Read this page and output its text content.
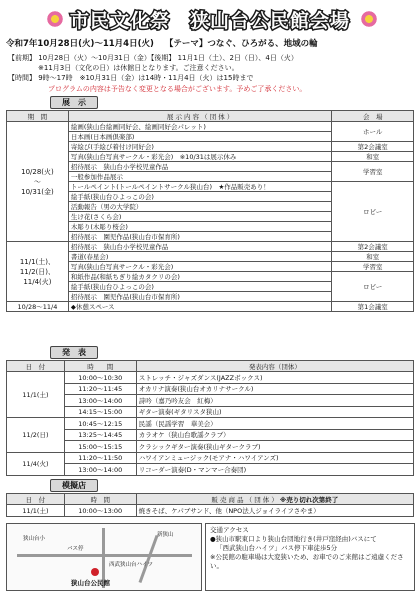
市民文化祭　狭山台公民館会場
令和7年10月28日(火)～11月4日(火) 【テーマ】つなぐ、ひろがる、地域の輪
【前期】 10月28日（火）～10月31日（金）【後期】 11月1日（土）、2日（日）、4日（火）
※11月3日（文化の日）は休館日となります。ご注意ください。
【時間】 9時～17時　※10月31日（金）は14時・11月4日（火）は15時まで
プログラムの内容は予告なく変更となる場合がございます。予めご了承ください。
展　示
期　間	展 示 内 容 （ 団 体 ）	会　場
10/28(火)
～
10/31(金)	絵画(狭山台絵画同好会、絵画同好会パレット)	ホール
	日本画(日本画倶楽部)	
	寄絵び(手絵び着付け同好会)	第2会議室
	写真(狭山台写真サークル・彩光会)　※10/31は展示休み	和室
	招待展示　狭山台小学校児童作品	学習室
	一般参加作品展示	
	トールペイント(トールペイントサークル狭山台)　★作品販売あり！	ロビー
	絵手紙(狭山台ひよっこの会)	
	活動報告（男の大学院）	
	生け花(さくら会)	
	木彫り(木彫り桜会)	
	招待展示　園児作品(狭山台市保育所)	
11/1(土)、
11/2(日)、
11/4(火)	招待展示　狭山台小学校児童作品	第2会議室
	書道(春星会)	和室
	写真(狭山台写真サークル・彩光会)	学習室
	和紙作品(和紙ちぎり絵カタクリの会)	ロビー
	絵手紙(狭山台ひよっこの会)	
	招待展示　園児作品(狭山台市保育所)	
10/28～11/4	◆休憩スペース	第1会議室
発　表
日　付	時　　間	発表内容（団体）
11/1(土)	10:00～10:30	ストレッチ・ジャズダンス(JAZZボックス)
	11:20～11:45	オカリナ演奏(狭山台オカリナサークル)
	13:00～14:00	詩吟（嘉乃吟友会　紅梅）
	14:15～15:00	ギター演奏(ギタリスタ狭山)
11/2(日)	10:45～12:15	民謡（民謡学習　華美会）
	13:25～14:45	カラオケ（狭山台歌謡クラブ）
	15:00～15:15	クラシックギター演奏(狭山ギタークラブ)
11/4(火)	11:20～11:50	ハワイアンミュージック(モアナ・ハワイアンズ)
	13:00～14:00	リコーダー演奏(D・マンマー合奏団)
模擬店
日　付	時　間	販 売 商 品 （ 団 体 ） ※売り切れ次第終了
11/1(土)	10:00～13:00	焼きそば、ケパブサンド、他（NPO法人ジョイライフさやま）
狭山台小
西武狭山台ハイツ
新狭山
バス停
狭山台公民館
交通アクセス
●狭山市駅東口より狭山台団地行き(井戸窪経由)バスにて
「西武狭山台ハイツ」バス停下車徒歩5分
※公民館の駐車場は大変狭いため、お車でのご来館はご遠慮ください。
